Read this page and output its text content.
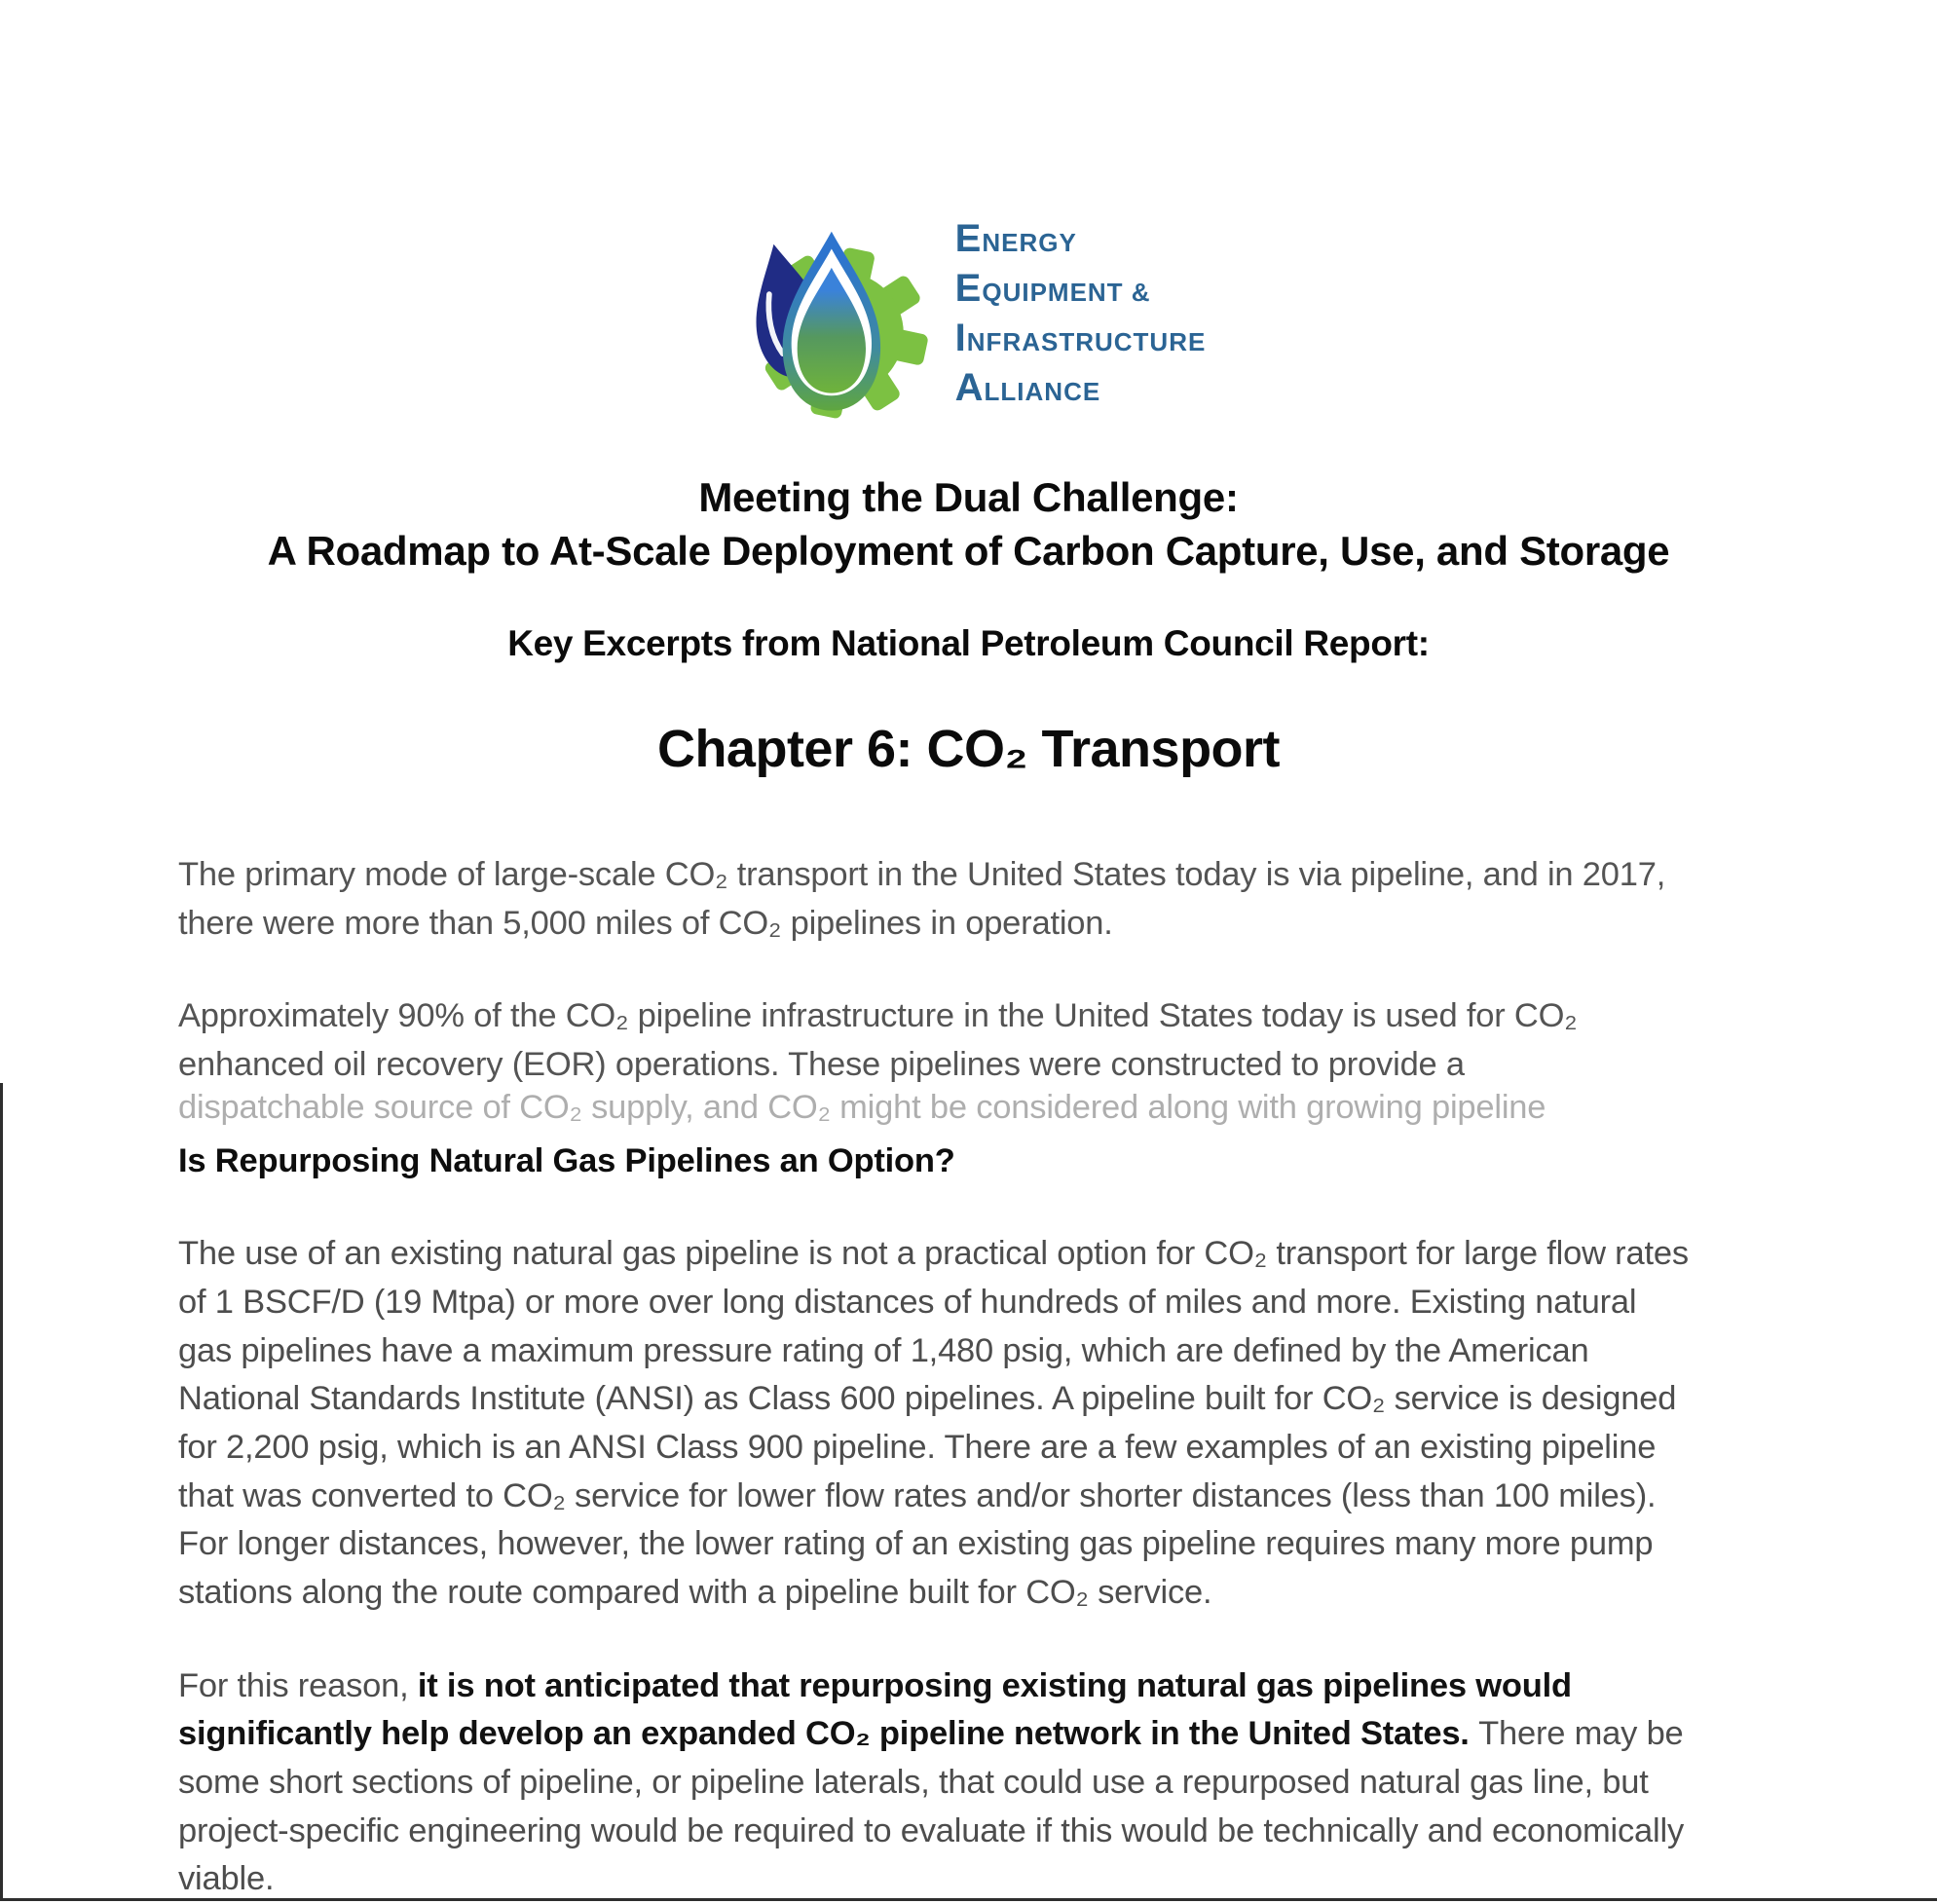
ENERGY
EQUIPMENT &
INFRASTRUCTURE
ALLIANCE
Meeting the Dual Challenge:
A Roadmap to At-Scale Deployment of Carbon Capture, Use, and Storage
Key Excerpts from National Petroleum Council Report:
Chapter 6: CO₂ Transport

The primary mode of large-scale CO₂ transport in the United States today is via pipeline, and in 2017, there were more than 5,000 miles of CO₂ pipelines in operation.

Approximately 90% of the CO₂ pipeline infrastructure in the United States today is used for CO₂ enhanced oil recovery (EOR) operations. These pipelines were constructed to provide a

dispatchable source of CO₂ supply, and CO₂ might be considered along with growing pipeline

Is Repurposing Natural Gas Pipelines an Option?

The use of an existing natural gas pipeline is not a practical option for CO₂ transport for large flow rates of 1 BSCF/D (19 Mtpa) or more over long distances of hundreds of miles and more. Existing natural gas pipelines have a maximum pressure rating of 1,480 psig, which are defined by the American National Standards Institute (ANSI) as Class 600 pipelines. A pipeline built for CO₂ service is designed for 2,200 psig, which is an ANSI Class 900 pipeline. There are a few examples of an existing pipeline that was converted to CO₂ service for lower flow rates and/or shorter distances (less than 100 miles). For longer distances, however, the lower rating of an existing gas pipeline requires many more pump stations along the route compared with a pipeline built for CO₂ service.

For this reason, it is not anticipated that repurposing existing natural gas pipelines would significantly help develop an expanded CO₂ pipeline network in the United States. There may be some short sections of pipeline, or pipeline laterals, that could use a repurposed natural gas line, but project-specific engineering would be required to evaluate if this would be technically and economically viable.
